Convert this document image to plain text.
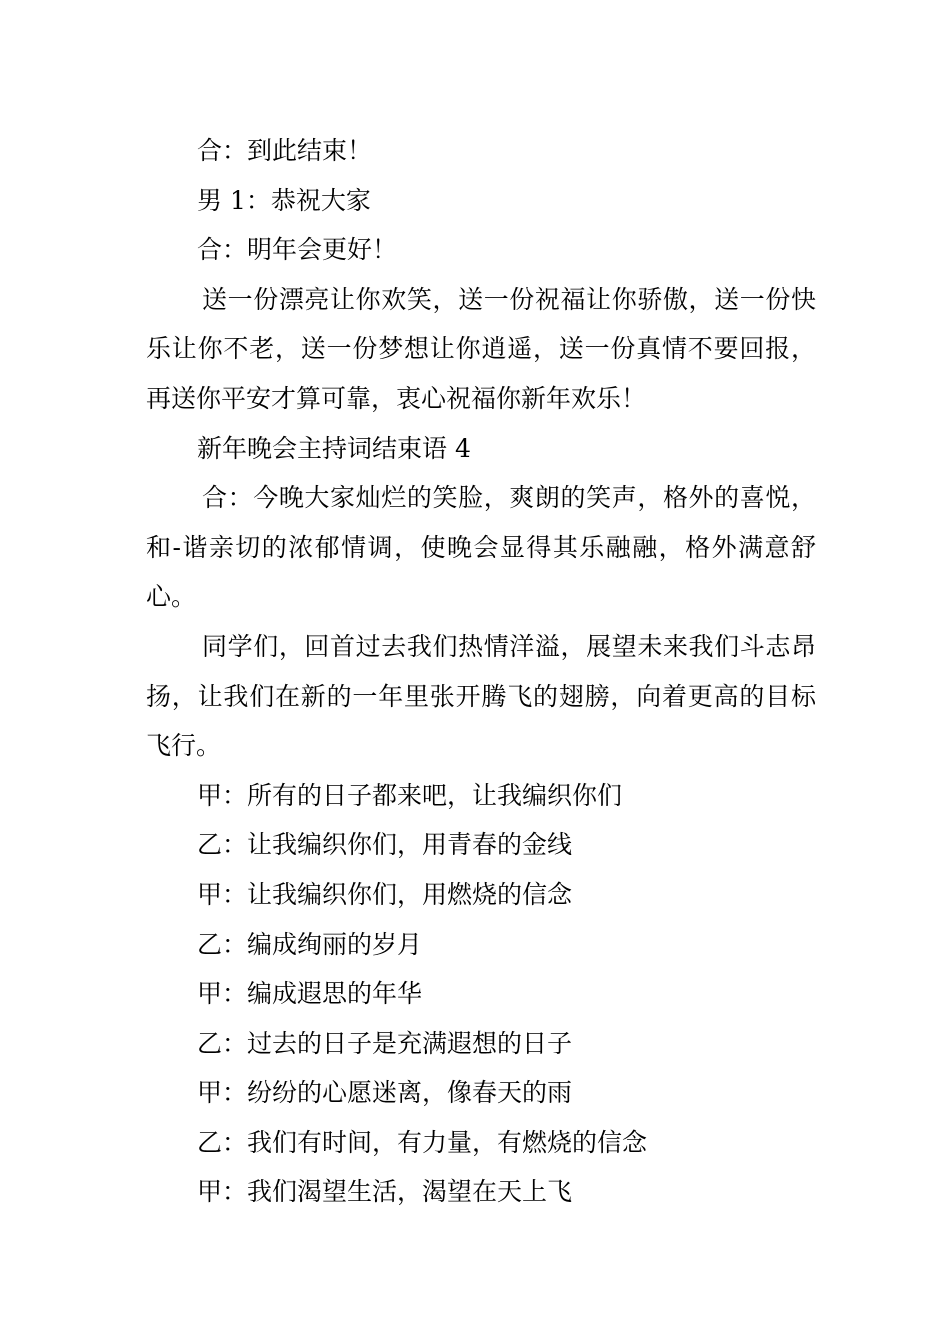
合：到此结束！

男 1：恭祝大家

合：明年会更好！

送一份漂亮让你欢笑，送一份祝福让你骄傲，送一份快乐让你不老，送一份梦想让你逍遥，送一份真情不要回报，再送你平安才算可靠，衷心祝福你新年欢乐！

新年晚会主持词结束语 4

合：今晚大家灿烂的笑脸，爽朗的笑声，格外的喜悦，和-谐亲切的浓郁情调，使晚会显得其乐融融，格外满意舒心。

同学们，回首过去我们热情洋溢，展望未来我们斗志昂扬，让我们在新的一年里张开腾飞的翅膀，向着更高的目标飞行。

甲：所有的日子都来吧，让我编织你们

乙：让我编织你们，用青春的金线

甲：让我编织你们，用燃烧的信念

乙：编成绚丽的岁月

甲：编成遐思的年华

乙：过去的日子是充满遐想的日子

甲：纷纷的心愿迷离，像春天的雨

乙：我们有时间，有力量，有燃烧的信念

甲：我们渴望生活，渴望在天上飞
